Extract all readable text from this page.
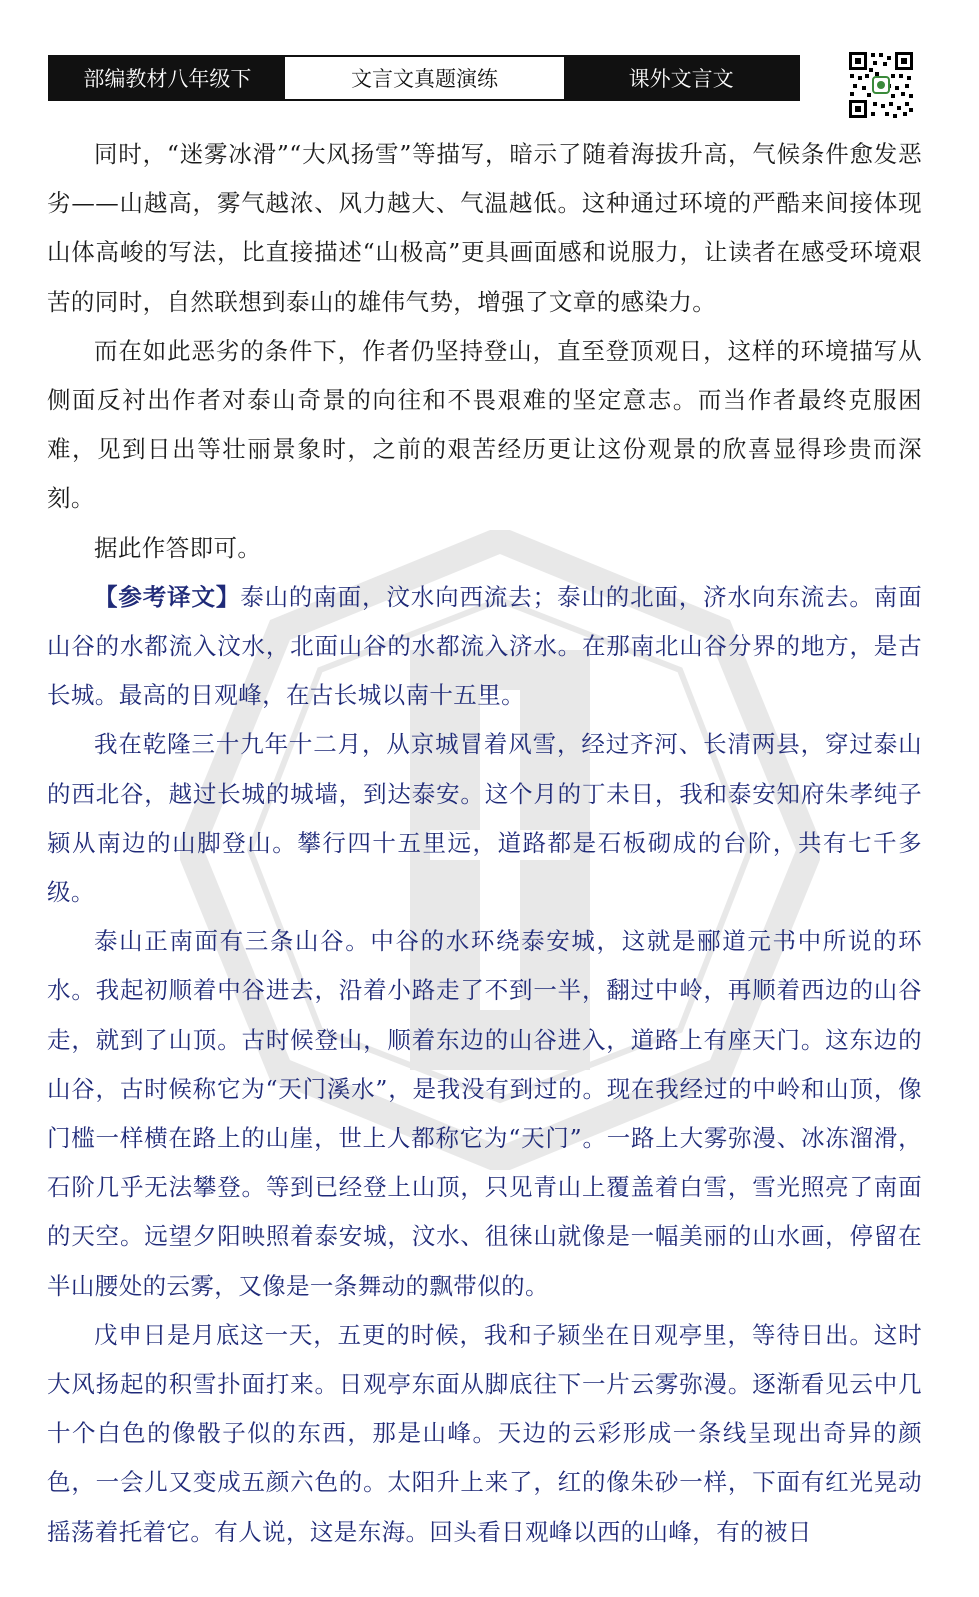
部编教材八年级下	文言文真题演练	课外文言文

同时，“迷雾冰滑”“大风扬雪”等描写，暗示了随着海拔升高，气候条件愈发恶劣——山越高，雾气越浓、风力越大、气温越低。这种通过环境的严酷来间接体现山体高峻的写法，比直接描述“山极高”更具画面感和说服力，让读者在感受环境艰苦的同时，自然联想到泰山的雄伟气势，增强了文章的感染力。

而在如此恶劣的条件下，作者仍坚持登山，直至登顶观日，这样的环境描写从侧面反衬出作者对泰山奇景的向往和不畏艰难的坚定意志。而当作者最终克服困难，见到日出等壮丽景象时，之前的艰苦经历更让这份观景的欣喜显得珍贵而深刻。

据此作答即可。

【参考译文】泰山的南面，汶水向西流去；泰山的北面，济水向东流去。南面山谷的水都流入汶水，北面山谷的水都流入济水。在那南北山谷分界的地方，是古长城。最高的日观峰，在古长城以南十五里。

我在乾隆三十九年十二月，从京城冒着风雪，经过齐河、长清两县，穿过泰山的西北谷，越过长城的城墙，到达泰安。这个月的丁未日，我和泰安知府朱孝纯子颍从南边的山脚登山。攀行四十五里远，道路都是石板砌成的台阶，共有七千多级。

泰山正南面有三条山谷。中谷的水环绕泰安城，这就是郦道元书中所说的环水。我起初顺着中谷进去，沿着小路走了不到一半，翻过中岭，再顺着西边的山谷走，就到了山顶。古时候登山，顺着东边的山谷进入，道路上有座天门。这东边的山谷，古时候称它为“天门溪水”，是我没有到过的。现在我经过的中岭和山顶，像门槛一样横在路上的山崖，世上人都称它为“天门”。一路上大雾弥漫、冰冻溜滑，石阶几乎无法攀登。等到已经登上山顶，只见青山上覆盖着白雪，雪光照亮了南面的天空。远望夕阳映照着泰安城，汶水、徂徕山就像是一幅美丽的山水画，停留在半山腰处的云雾，又像是一条舞动的飘带似的。

戊申日是月底这一天，五更的时候，我和子颍坐在日观亭里，等待日出。这时大风扬起的积雪扑面打来。日观亭东面从脚底往下一片云雾弥漫。逐渐看见云中几十个白色的像骰子似的东西，那是山峰。天边的云彩形成一条线呈现出奇异的颜色，一会儿又变成五颜六色的。太阳升上来了，红的像朱砂一样，下面有红光晃动摇荡着托着它。有人说，这是东海。回头看日观峰以西的山峰，有的被日
